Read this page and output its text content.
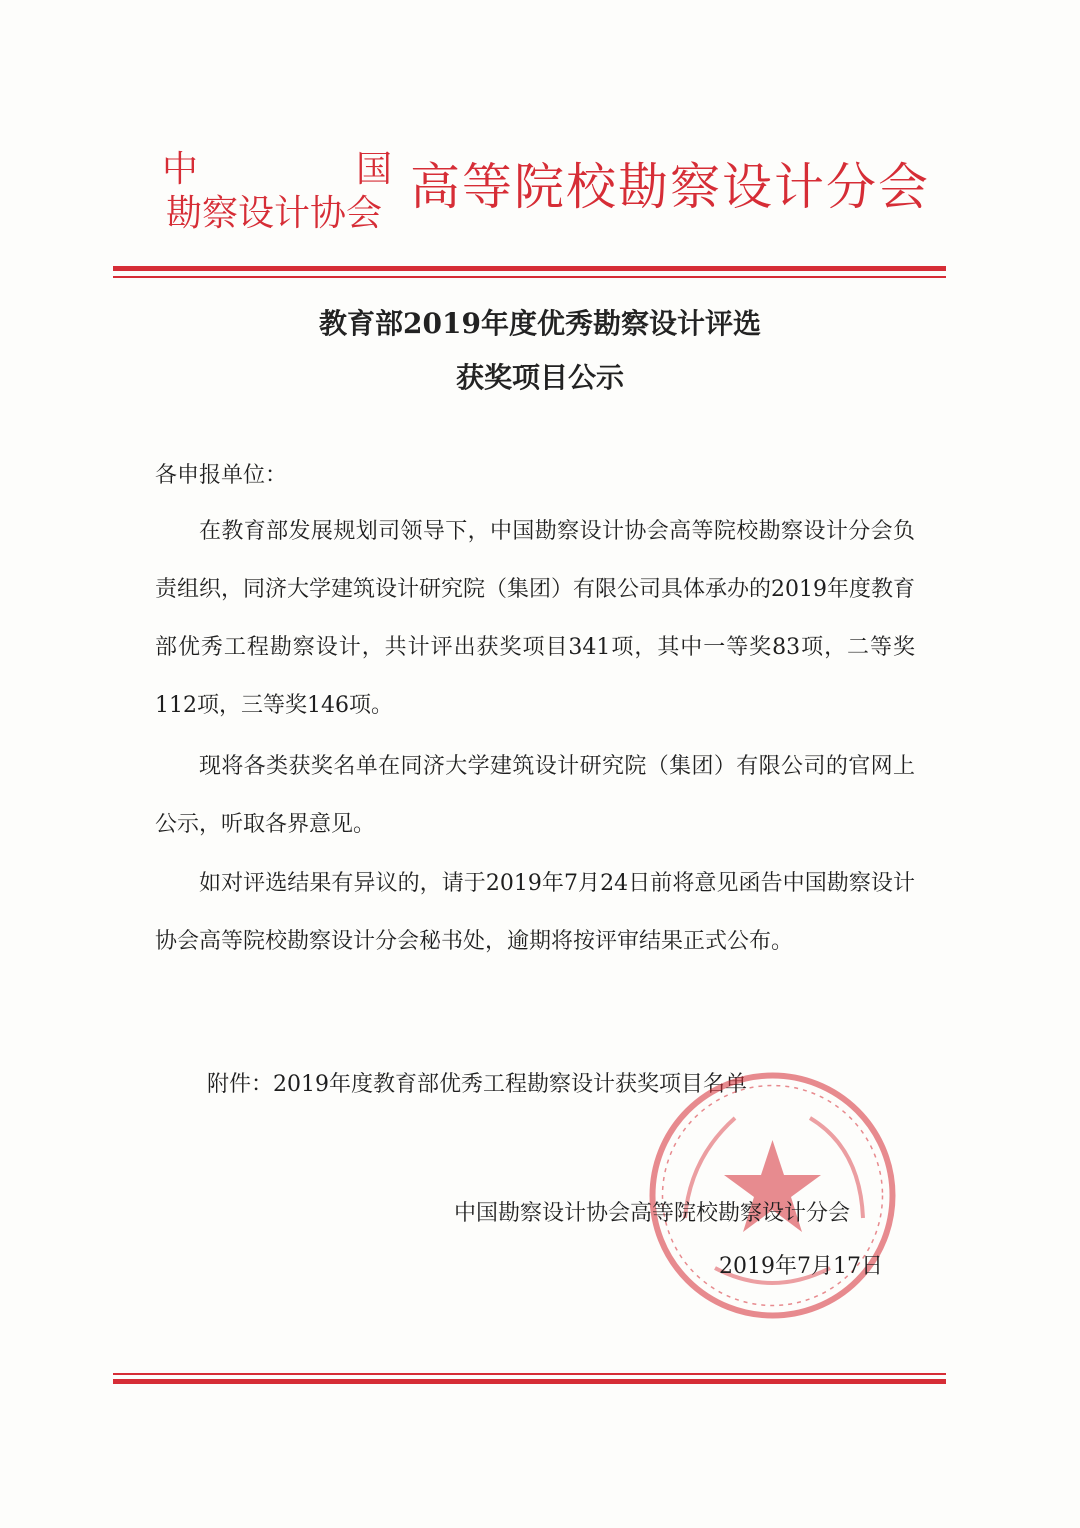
中	国
勘察设计协会 高等院校勘察设计分会
教育部2019年度优秀勘察设计评选
获奖项目公示
各申报单位：

在教育部发展规划司领导下，中国勘察设计协会高等院校勘察设计分会负责组织，同济大学建筑设计研究院（集团）有限公司具体承办的2019年度教育部优秀工程勘察设计，共计评出获奖项目341项，其中一等奖83项，二等奖112项，三等奖146项。

现将各类获奖名单在同济大学建筑设计研究院（集团）有限公司的官网上公示，听取各界意见。

如对评选结果有异议的，请于2019年7月24日前将意见函告中国勘察设计协会高等院校勘察设计分会秘书处，逾期将按评审结果正式公布。

附件：2019年度教育部优秀工程勘察设计获奖项目名单
中国勘察设计协会高等院校勘察设计分会
2019年7月17日
